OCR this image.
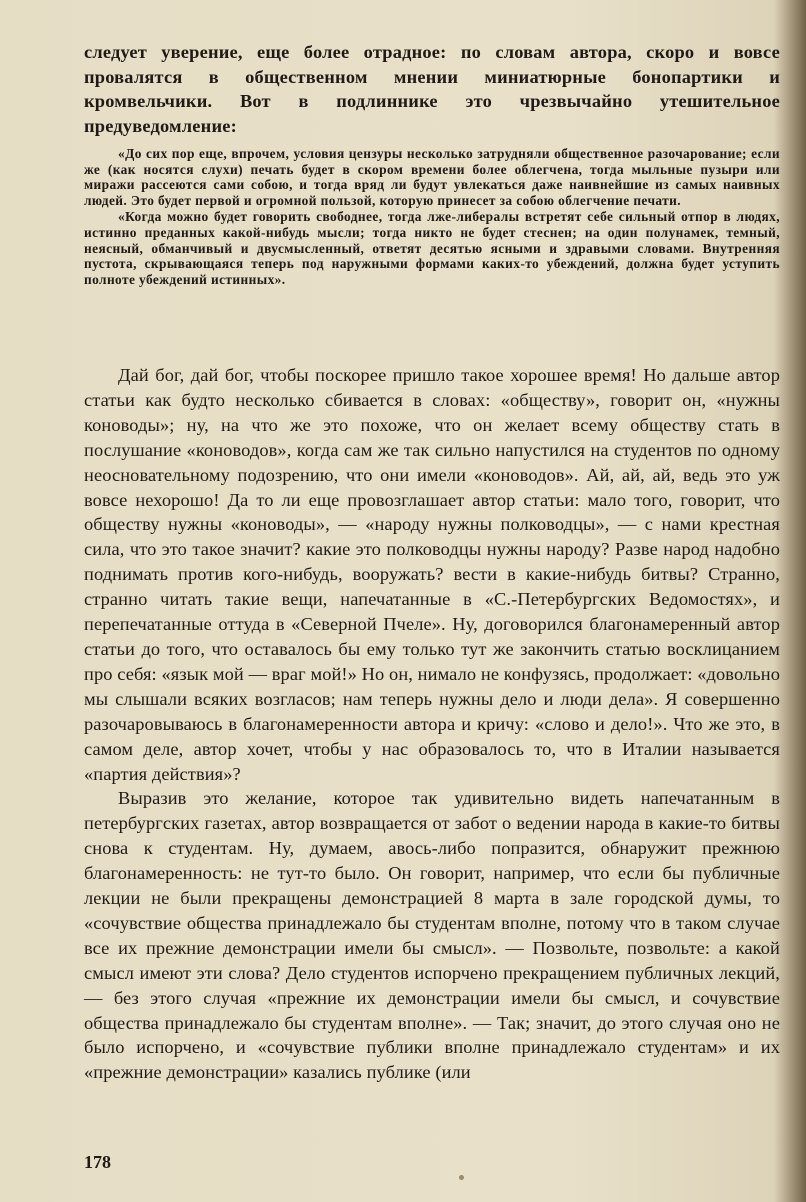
следует уверение, еще более отрадное: по словам автора, скоро и вовсе провалятся в общественном мнении миниатюрные бонопартики и кромвельчики. Вот в подлиннике это чрезвычайно утешительное предуведомление:

«До сих пор еще, впрочем, условия цензуры несколько затрудняли общественное разочарование; если же (как носятся слухи) печать будет в скором времени более облегчена, тогда мыльные пузыри или миражи рассеются сами собою, и тогда вряд ли будут увлекаться даже наивнейшие из самых наивных людей. Это будет первой и огромной пользой, которую принесет за собою облегчение печати.

«Когда можно будет говорить свободнее, тогда лже-либералы встретят себе сильный отпор в людях, истинно преданных какой-нибудь мысли; тогда никто не будет стеснен; на один полунамек, темный, неясный, обманчивый и двусмысленный, ответят десятью ясными и здравыми словами. Внутренняя пустота, скрывающаяся теперь под наружными формами каких-то убеждений, должна будет уступить полноте убеждений истинных».

Дай бог, дай бог, чтобы поскорее пришло такое хорошее время! Но дальше автор статьи как будто несколько сбивается в словах: «обществу», говорит он, «нужны коноводы»; ну, на что же это похоже, что он желает всему обществу стать в послушание «коноводов», когда сам же так сильно напустился на студентов по одному неосновательному подозрению, что они имели «коноводов». Ай, ай, ай, ведь это уж вовсе нехорошо! Да то ли еще провозглашает автор статьи: мало того, говорит, что обществу нужны «коноводы», — «народу нужны полководцы», — с нами крестная сила, что это такое значит? какие это полководцы нужны народу? Разве народ надобно поднимать против кого-нибудь, вооружать? вести в какие-нибудь битвы? Странно, странно читать такие вещи, напечатанные в «С.-Петербургских Ведомостях», и перепечатанные оттуда в «Северной Пчеле». Ну, договорился благонамеренный автор статьи до того, что оставалось бы ему только тут же закончить статью восклицанием про себя: «язык мой — враг мой!» Но он, нимало не конфузясь, продолжает: «довольно мы слышали всяких возгласов; нам теперь нужны дело и люди дела». Я совершенно разочаровываюсь в благонамеренности автора и кричу: «слово и дело!». Что же это, в самом деле, автор хочет, чтобы у нас образовалось то, что в Италии называется «партия действия»?

Выразив это желание, которое так удивительно видеть напечатанным в петербургских газетах, автор возвращается от забот о ведении народа в какие-то битвы снова к студентам. Ну, думаем, авось-либо попразится, обнаружит прежнюю благонамеренность: не тут-то было. Он говорит, например, что если бы публичные лекции не были прекращены демонстрацией 8 марта в зале городской думы, то «сочувствие общества принадлежало бы студентам вполне, потому что в таком случае все их прежние демонстрации имели бы смысл». — Позвольте, позвольте: а какой смысл имеют эти слова? Дело студентов испорчено прекращением публичных лекций, — без этого случая «прежние их демонстрации имели бы смысл, и сочувствие общества принадлежало бы студентам вполне». — Так; значит, до этого случая оно не было испорчено, и «сочувствие публики вполне принадлежало студентам» и их «прежние демонстрации» казались публике (или

178
